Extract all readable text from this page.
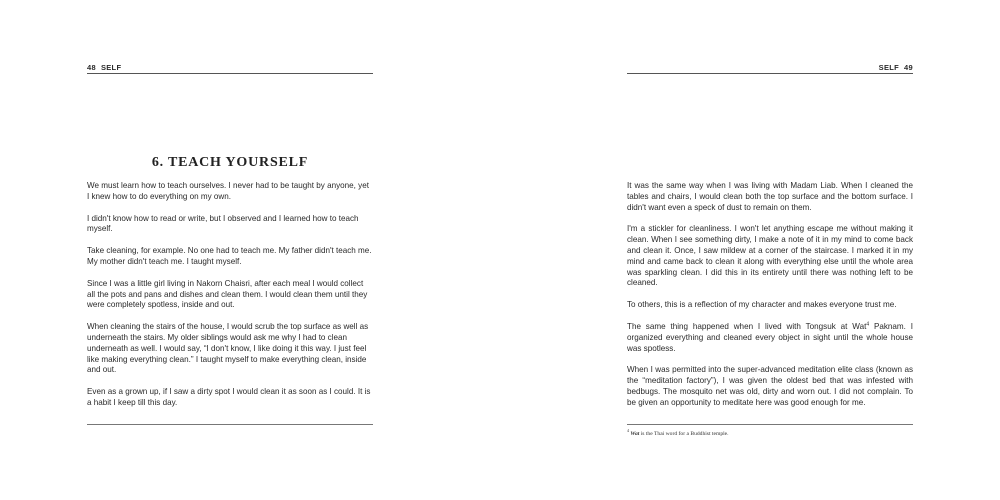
48 SELF
6. TEACH YOURSELF

We must learn how to teach ourselves. I never had to be taught by anyone, yet I knew how to do everything on my own.

I didn't know how to read or write, but I observed and I learned how to teach myself.

Take cleaning, for example. No one had to teach me. My father didn't teach me. My mother didn't teach me. I taught myself.

Since I was a little girl living in Nakorn Chaisri, after each meal I would collect all the pots and pans and dishes and clean them. I would clean them until they were completely spotless, inside and out.

When cleaning the stairs of the house, I would scrub the top surface as well as underneath the stairs. My older siblings would ask me why I had to clean underneath as well. I would say, “I don't know, I like doing it this way. I just feel like making everything clean.” I taught myself to make everything clean, inside and out.

Even as a grown up, if I saw a dirty spot I would clean it as soon as I could. It is a habit I keep till this day.

SELF 49

It was the same way when I was living with Madam Liab. When I cleaned the tables and chairs, I would clean both the top surface and the bottom surface. I didn't want even a speck of dust to remain on them.

I'm a stickler for cleanliness. I won't let anything escape me without making it clean. When I see something dirty, I make a note of it in my mind to come back and clean it. Once, I saw mildew at a corner of the staircase. I marked it in my mind and came back to clean it along with everything else until the whole area was sparkling clean. I did this in its entirety until there was nothing left to be cleaned.

To others, this is a reflection of my character and makes everyone trust me.

The same thing happened when I lived with Tongsuk at Wat$^4$ Paknam. I organized everything and cleaned every object in sight until the whole house was spotless.

When I was permitted into the super-advanced meditation elite class (known as the “meditation factory”), I was given the oldest bed that was infested with bedbugs. The mosquito net was old, dirty and worn out. I did not complain. To be given an opportunity to meditate here was good enough for me.

$^4$ Wat is the Thai word for a Buddhist temple.
